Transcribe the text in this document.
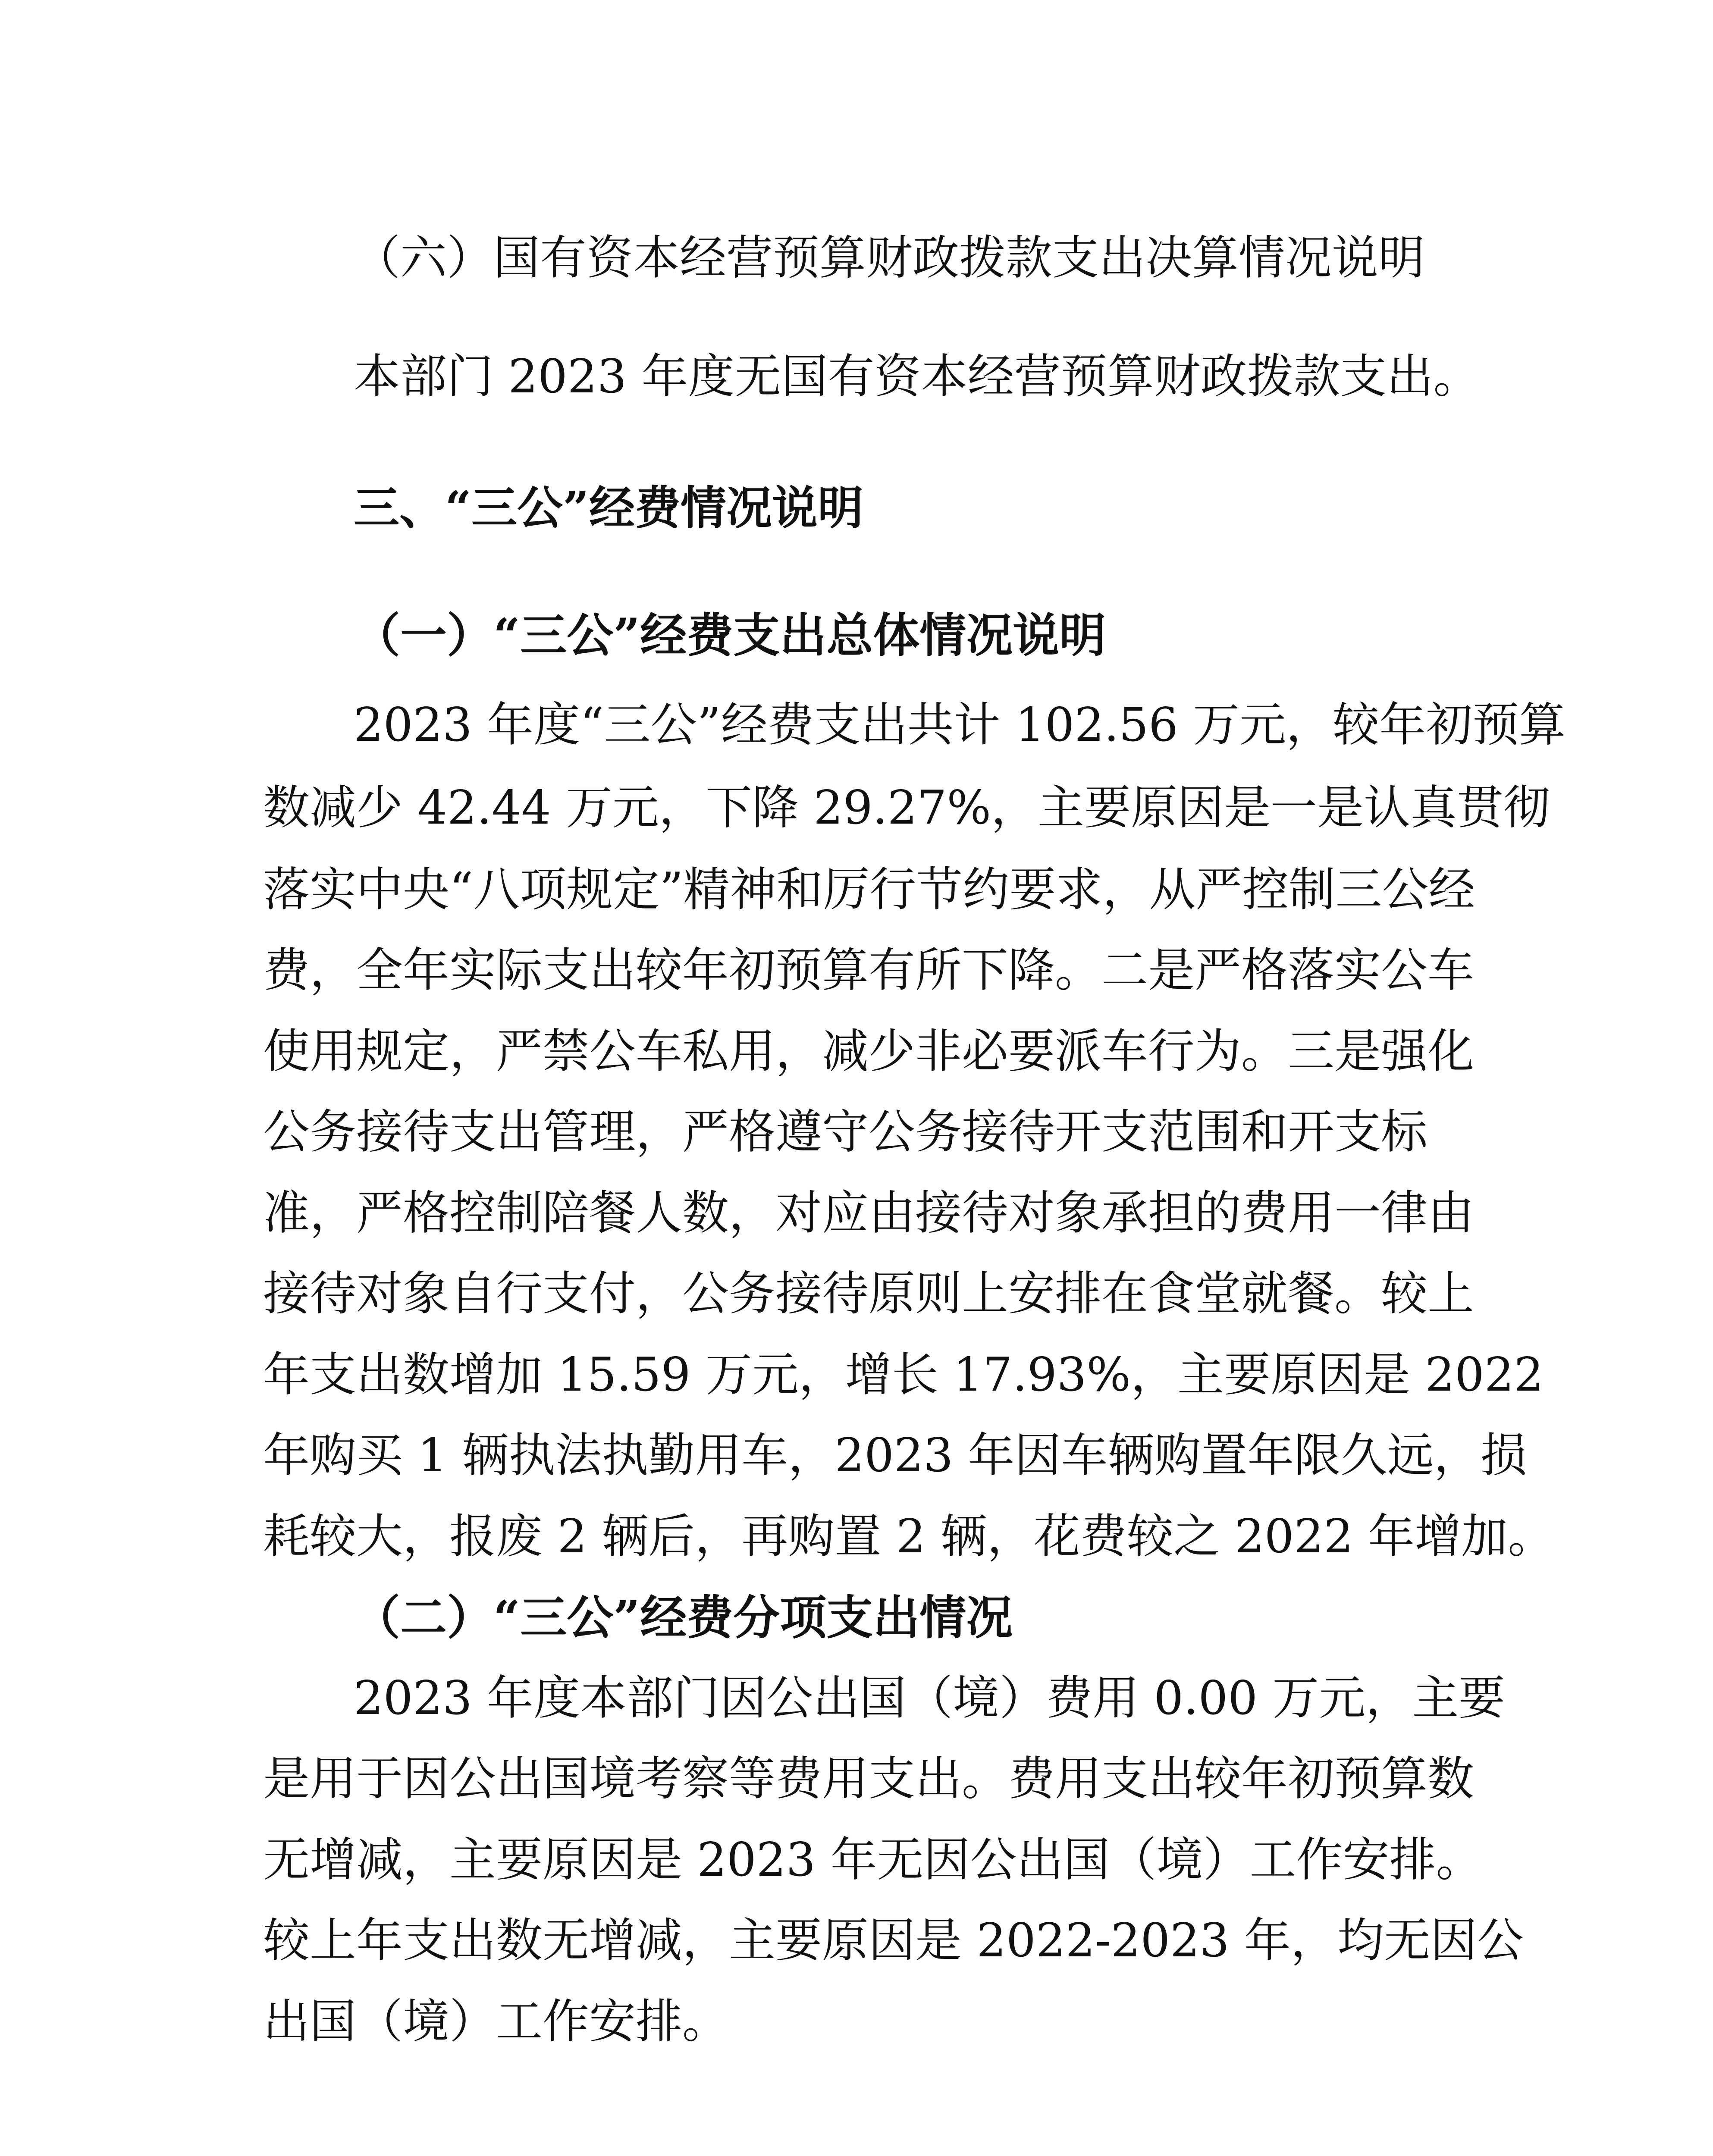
（六）国有资本经营预算财政拨款支出决算情况说明
本部门 2023 年度无国有资本经营预算财政拨款支出。
三、“三公”经费情况说明
（一）“三公”经费支出总体情况说明
2023 年度“三公”经费支出共计 102.56 万元，较年初预算
数减少 42.44 万元，下降 29.27%，主要原因是一是认真贯彻
落实中央“八项规定”精神和厉行节约要求，从严控制三公经
费，全年实际支出较年初预算有所下降。二是严格落实公车
使用规定，严禁公车私用，减少非必要派车行为。三是强化
公务接待支出管理，严格遵守公务接待开支范围和开支标
准，严格控制陪餐人数，对应由接待对象承担的费用一律由
接待对象自行支付，公务接待原则上安排在食堂就餐。较上
年支出数增加 15.59 万元，增长 17.93%，主要原因是 2022
年购买 1 辆执法执勤用车，2023 年因车辆购置年限久远，损
耗较大，报废 2 辆后，再购置 2 辆，花费较之 2022 年增加。
（二）“三公”经费分项支出情况
2023 年度本部门因公出国（境）费用 0.00 万元，主要
是用于因公出国境考察等费用支出。费用支出较年初预算数
无增减，主要原因是 2023 年无因公出国（境）工作安排。
较上年支出数无增减，主要原因是 2022-2023 年，均无因公
出国（境）工作安排。
